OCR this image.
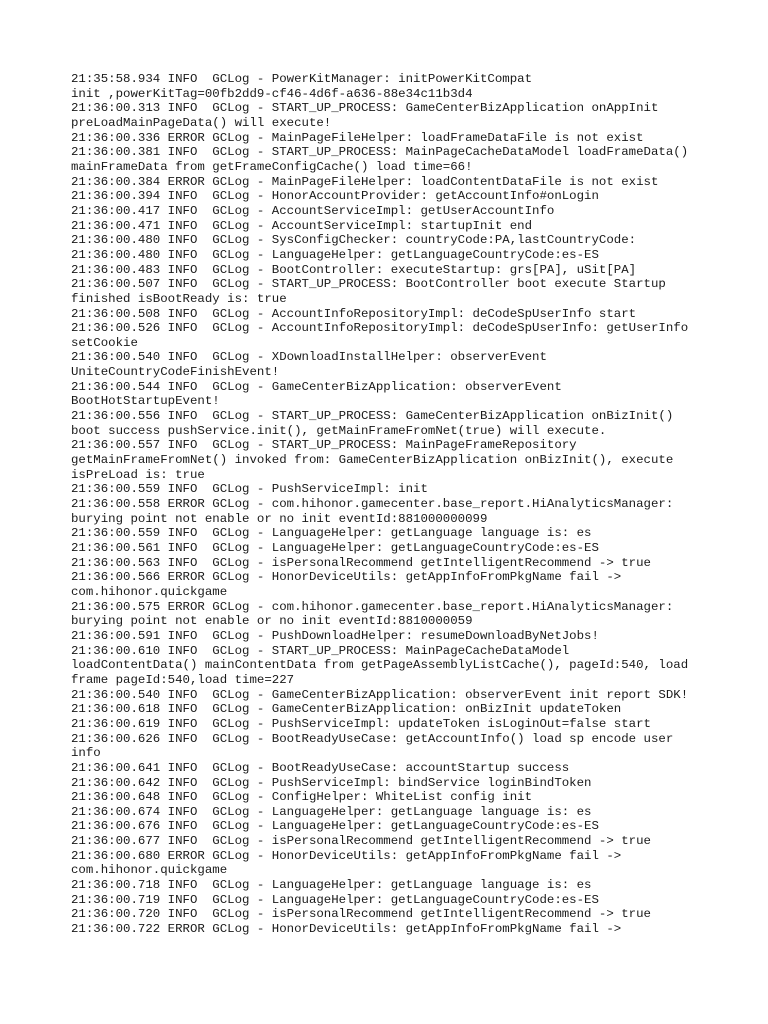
21:35:58.934 INFO  GCLog - PowerKitManager: initPowerKitCompat
init ,powerKitTag=00fb2dd9-cf46-4d6f-a636-88e34c11b3d4
21:36:00.313 INFO  GCLog - START_UP_PROCESS: GameCenterBizApplication onAppInit
preLoadMainPageData() will execute!
21:36:00.336 ERROR GCLog - MainPageFileHelper: loadFrameDataFile is not exist
21:36:00.381 INFO  GCLog - START_UP_PROCESS: MainPageCacheDataModel loadFrameData()
mainFrameData from getFrameConfigCache() load time=66!
21:36:00.384 ERROR GCLog - MainPageFileHelper: loadContentDataFile is not exist
21:36:00.394 INFO  GCLog - HonorAccountProvider: getAccountInfo#onLogin
21:36:00.417 INFO  GCLog - AccountServiceImpl: getUserAccountInfo
21:36:00.471 INFO  GCLog - AccountServiceImpl: startupInit end
21:36:00.480 INFO  GCLog - SysConfigChecker: countryCode:PA,lastCountryCode:
21:36:00.480 INFO  GCLog - LanguageHelper: getLanguageCountryCode:es-ES
21:36:00.483 INFO  GCLog - BootController: executeStartup: grs[PA], uSit[PA]
21:36:00.507 INFO  GCLog - START_UP_PROCESS: BootController boot execute Startup
finished isBootReady is: true
21:36:00.508 INFO  GCLog - AccountInfoRepositoryImpl: deCodeSpUserInfo start
21:36:00.526 INFO  GCLog - AccountInfoRepositoryImpl: deCodeSpUserInfo: getUserInfo
setCookie
21:36:00.540 INFO  GCLog - XDownloadInstallHelper: observerEvent
UniteCountryCodeFinishEvent!
21:36:00.544 INFO  GCLog - GameCenterBizApplication: observerEvent
BootHotStartupEvent!
21:36:00.556 INFO  GCLog - START_UP_PROCESS: GameCenterBizApplication onBizInit()
boot success pushService.init(), getMainFrameFromNet(true) will execute.
21:36:00.557 INFO  GCLog - START_UP_PROCESS: MainPageFrameRepository
getMainFrameFromNet() invoked from: GameCenterBizApplication onBizInit(), execute
isPreLoad is: true
21:36:00.559 INFO  GCLog - PushServiceImpl: init
21:36:00.558 ERROR GCLog - com.hihonor.gamecenter.base_report.HiAnalyticsManager:
burying point not enable or no init eventId:881000000099
21:36:00.559 INFO  GCLog - LanguageHelper: getLanguage language is: es
21:36:00.561 INFO  GCLog - LanguageHelper: getLanguageCountryCode:es-ES
21:36:00.563 INFO  GCLog - isPersonalRecommend getIntelligentRecommend -> true
21:36:00.566 ERROR GCLog - HonorDeviceUtils: getAppInfoFromPkgName fail ->
com.hihonor.quickgame
21:36:00.575 ERROR GCLog - com.hihonor.gamecenter.base_report.HiAnalyticsManager:
burying point not enable or no init eventId:8810000059
21:36:00.591 INFO  GCLog - PushDownloadHelper: resumeDownloadByNetJobs!
21:36:00.610 INFO  GCLog - START_UP_PROCESS: MainPageCacheDataModel
loadContentData() mainContentData from getPageAssemblyListCache(), pageId:540, load
frame pageId:540,load time=227
21:36:00.540 INFO  GCLog - GameCenterBizApplication: observerEvent init report SDK!
21:36:00.618 INFO  GCLog - GameCenterBizApplication: onBizInit updateToken
21:36:00.619 INFO  GCLog - PushServiceImpl: updateToken isLoginOut=false start
21:36:00.626 INFO  GCLog - BootReadyUseCase: getAccountInfo() load sp encode user
info
21:36:00.641 INFO  GCLog - BootReadyUseCase: accountStartup success
21:36:00.642 INFO  GCLog - PushServiceImpl: bindService loginBindToken
21:36:00.648 INFO  GCLog - ConfigHelper: WhiteList config init
21:36:00.674 INFO  GCLog - LanguageHelper: getLanguage language is: es
21:36:00.676 INFO  GCLog - LanguageHelper: getLanguageCountryCode:es-ES
21:36:00.677 INFO  GCLog - isPersonalRecommend getIntelligentRecommend -> true
21:36:00.680 ERROR GCLog - HonorDeviceUtils: getAppInfoFromPkgName fail ->
com.hihonor.quickgame
21:36:00.718 INFO  GCLog - LanguageHelper: getLanguage language is: es
21:36:00.719 INFO  GCLog - LanguageHelper: getLanguageCountryCode:es-ES
21:36:00.720 INFO  GCLog - isPersonalRecommend getIntelligentRecommend -> true
21:36:00.722 ERROR GCLog - HonorDeviceUtils: getAppInfoFromPkgName fail ->
